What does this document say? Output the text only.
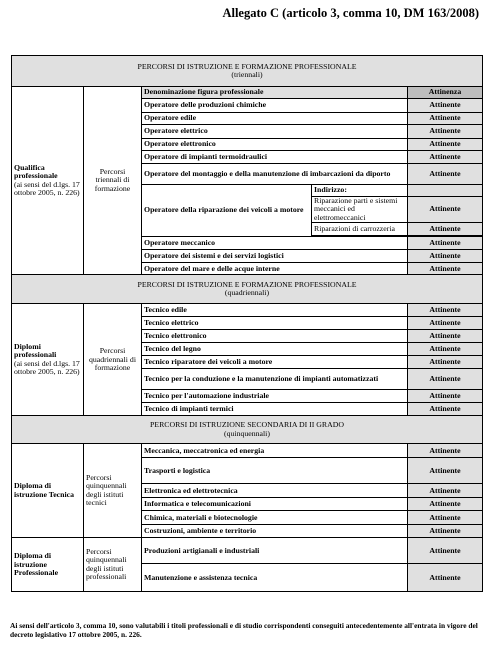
Allegato C (articolo 3, comma 10, DM 163/2008)
PERCORSI DI ISTRUZIONE E FORMAZIONE PROFESSIONALE
(triennali)				

Qualifica professionale
(ai sensi del d.lgs. 17 ottobre 2005, n. 226)	Percorsi triennali di formazione	Denominazione figura professionale		Attinenza
		Operatore delle produzioni chimiche		Attinente
		Operatore edile		Attinente
		Operatore elettrico		Attinente
		Operatore elettronico		Attinente
		Operatore di impianti termoidraulici		Attinente
		Operatore del montaggio e della manutenzione di imbarcazioni da diporto		Attinente
		Operatore della riparazione dei veicoli a motore	Indirizzo:	
			Riparazione parti e sistemi meccanici ed elettromeccanici	Attinente
			Riparazioni di carrozzeria	Attinente

		Operatore meccanico		Attinente
		Operatore dei sistemi e dei servizi logistici		Attinente
		Operatore del mare e delle acque interne		Attinente
PERCORSI DI ISTRUZIONE E FORMAZIONE PROFESSIONALE
(quadriennali)				

Diplomi professionali
(ai sensi del d.lgs. 17 ottobre 2005, n. 226)	Percorsi quadriennali di formazione	Tecnico edile		Attinente
		Tecnico elettrico		Attinente
		Tecnico elettronico		Attinente
		Tecnico del legno		Attinente
		Tecnico riparatore dei veicoli a motore		Attinente
		Tecnico per la conduzione e la manutenzione di impianti automatizzati		Attinente
		Tecnico per l'automazione industriale		Attinente
		Tecnico di impianti termici		Attinente
PERCORSI DI ISTRUZIONE SECONDARIA DI II GRADO
(quinquennali)				

Diploma di istruzione Tecnica	Percorsi quinquennali degli istituti tecnici	Meccanica, meccatronica ed energia		Attinente
		Trasporti e logistica		Attinente
		Elettronica ed elettrotecnica		Attinente
		Informatica e telecomunicazioni		Attinente
		Chimica, materiali e biotecnologie		Attinente
		Costruzioni, ambiente e territorio		Attinente
Diploma di istruzione Professionale	Percorsi quinquennali degli istituti professionali	Produzioni artigianali e industriali		Attinente
		Manutenzione e assistenza tecnica		Attinente
Ai sensi dell'articolo 3, comma 10, sono valutabili i titoli professionali e di studio corrispondenti conseguiti antecedentemente all'entrata in vigore del decreto legislativo 17 ottobre 2005, n. 226.
